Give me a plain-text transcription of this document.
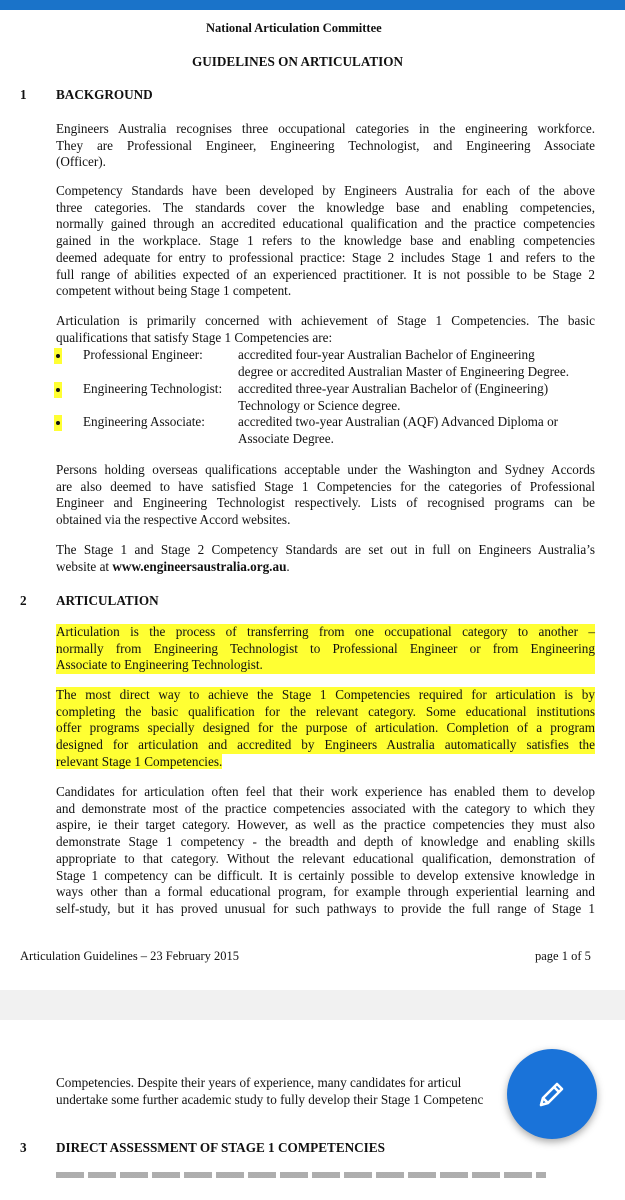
National Articulation Committee
GUIDELINES ON ARTICULATION
1 BACKGROUND
Engineers Australia recognises three occupational categories in the engineering workforce.
They are Professional Engineer, Engineering Technologist, and Engineering Associate
(Officer).
Competency Standards have been developed by Engineers Australia for each of the above
three categories. The standards cover the knowledge base and enabling competencies,
normally gained through an accredited educational qualification and the practice competencies
gained in the workplace. Stage 1 refers to the knowledge base and enabling competencies
deemed adequate for entry to professional practice: Stage 2 includes Stage 1 and refers to the
full range of abilities expected of an experienced practitioner. It is not possible to be Stage 2
competent without being Stage 1 competent.
Articulation is primarily concerned with achievement of Stage 1 Competencies. The basic
qualifications that satisfy Stage 1 Competencies are:
Professional Engineer:	accredited four-year Australian Bachelor of Engineering
degree or accredited Australian Master of Engineering Degree.
Engineering Technologist: accredited three-year Australian Bachelor of (Engineering)
Technology or Science degree.
Engineering Associate:	accredited two-year Australian (AQF) Advanced Diploma or
Associate Degree.
Persons holding overseas qualifications acceptable under the Washington and Sydney Accords
are also deemed to have satisfied Stage 1 Competencies for the categories of Professional
Engineer and Engineering Technologist respectively. Lists of recognised programs can be
obtained via the respective Accord websites.
The Stage 1 and Stage 2 Competency Standards are set out in full on Engineers Australia’s
website at www.engineersaustralia.org.au.
2 ARTICULATION
Articulation is the process of transferring from one occupational category to another –
normally from Engineering Technologist to Professional Engineer or from Engineering
Associate to Engineering Technologist.
The most direct way to achieve the Stage 1 Competencies required for articulation is by
completing the basic qualification for the relevant category. Some educational institutions
offer programs specially designed for the purpose of articulation. Completion of a program
designed for articulation and accredited by Engineers Australia automatically satisfies the
relevant Stage 1 Competencies.
Candidates for articulation often feel that their work experience has enabled them to develop
and demonstrate most of the practice competencies associated with the category to which they
aspire, ie their target category. However, as well as the practice competencies they must also
demonstrate Stage 1 competency - the breadth and depth of knowledge and enabling skills
appropriate to that category. Without the relevant educational qualification, demonstration of
Stage 1 competency can be difficult. It is certainly possible to develop extensive knowledge in
ways other than a formal educational program, for example through experiential learning and
self-study, but it has proved unusual for such pathways to provide the full range of Stage 1
Articulation Guidelines – 23 February 2015	page 1 of 5
Competencies. Despite their years of experience, many candidates for articul
undertake some further academic study to fully develop their Stage 1 Competenc
3 DIRECT ASSESSMENT OF STAGE 1 COMPETENCIES
